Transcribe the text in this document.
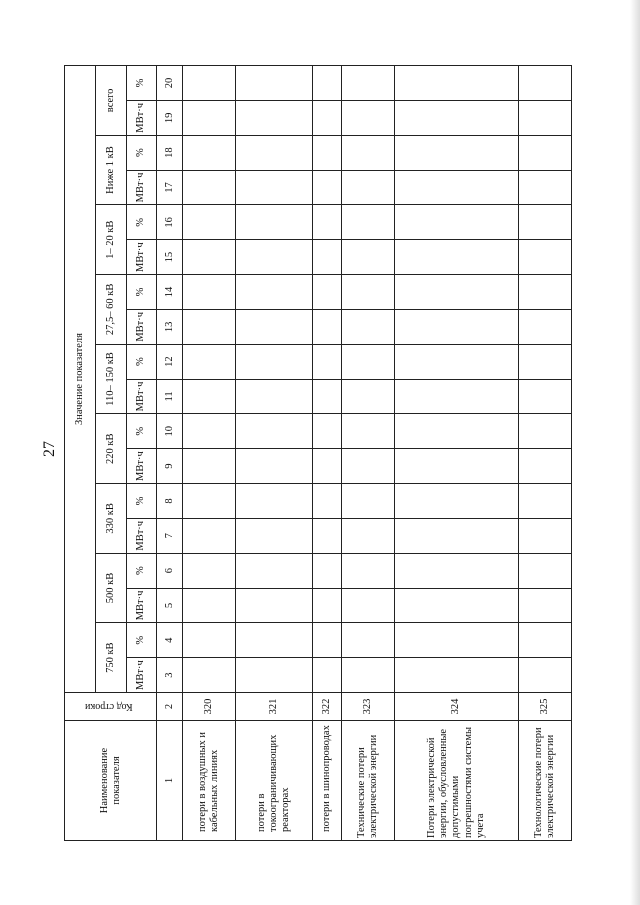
27
Наименование показателя	Код строки	Значение показателя																	
		750 кВ		500 кВ		330 кВ		220 кВ		110– 150 кВ		27,5– 60 кВ		1– 20 кВ		Ниже 1 кВ		всего	
		МВт·ч	%	МВт·ч	%	МВт·ч	%	МВт·ч	%	МВт·ч	%	МВт·ч	%	МВт·ч	%	МВт·ч	%	МВт·ч	%
1	2	3	4	5	6	7	8	9	10	11	12	13	14	15	16	17	18	19	20
потери в воздушных и кабельных линиях	320																		
потери в токоограничивающих реакторах	321																		
потери в шинопроводах	322																		
Технические потери электрической энергии	323																		
Потери электрической энергии, обусловленные допустимыми погрешностями системы учета	324																		
Технологические потери электрической энергии	325																		
